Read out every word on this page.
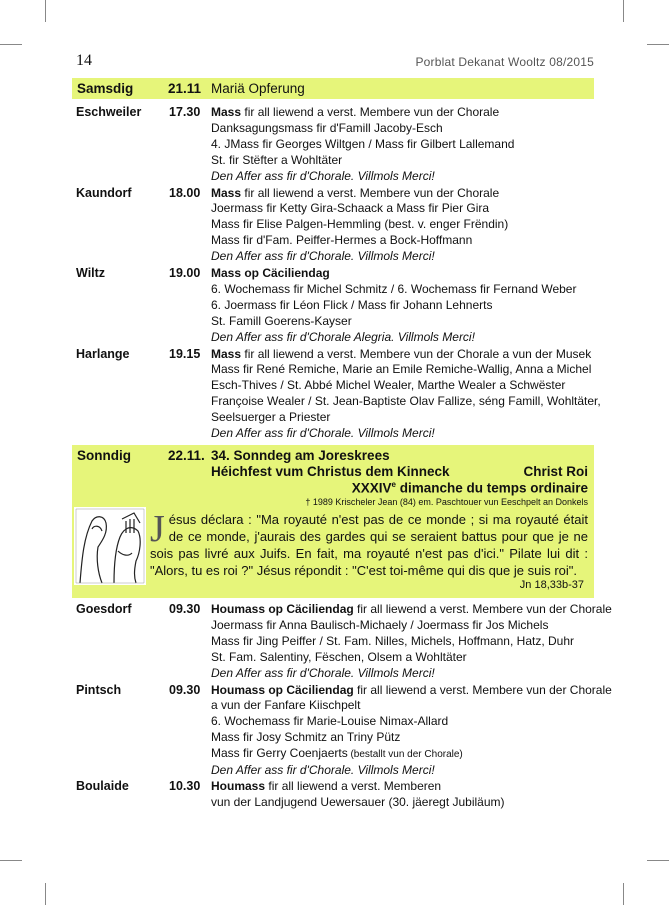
14	Porblat Dekanat Wooltz 08/2015
Samsdig	21.11 Mariä Opferung
Eschweiler 17.30 Mass fir all liewend a verst. Membere vun der Chorale
Danksagungsmass fir d'Famill Jacoby-Esch
4. JMass fir Georges Wiltgen / Mass fir Gilbert Lallemand
St. fir Stëfter a Wohltäter
Den Affer ass fir d'Chorale. Villmols Merci!
Kaundorf	18.00 Mass fir all liewend a verst. Membere vun der Chorale
Joermass fir Ketty Gira-Schaack a Mass fir Pier Gira
Mass fir Elise Palgen-Hemmling (best. v. enger Frëndin)
Mass fir d'Fam. Peiffer-Hermes a Bock-Hoffmann
Den Affer ass fir d'Chorale. Villmols Merci!
Wiltz	19.00 Mass op Cäciliendag
6. Wochemass fir Michel Schmitz / 6. Wochemass fir Fernand Weber
6. Joermass fir Léon Flick / Mass fir Johann Lehnerts
St. Famill Goerens-Kayser
Den Affer ass fir d'Chorale Alegria. Villmols Merci!
Harlange	19.15 Mass fir all liewend a verst. Membere vun der Chorale a vun der Musek
Mass fir René Remiche, Marie an Emile Remiche-Wallig, Anna a Michel
Esch-Thives / St. Abbé Michel Wealer, Marthe Wealer a Schwëster
Françoise Wealer / St. Jean-Baptiste Olav Fallize, séng Famill, Wohltäter,
Seelsuerger a Priester
Den Affer ass fir d'Chorale. Villmols Merci!
Sonndig	22.11. 34. Sonndeg am Joreskrees
Héichfest vum Christus dem Kinneck	Christ Roi
XXXIVe dimanche du temps ordinaire
† 1989 Krischeler Jean (84) em. Paschtouer vun Eeschpelt an Donkels
Jésus déclara : "Ma royauté n'est pas de ce monde ; si ma royauté était de ce monde, j'aurais des gardes qui se seraient battus pour que je ne sois pas livré aux Juifs. En fait, ma royauté n'est pas d'ici." Pilate lui dit : "Alors, tu es roi ?" Jésus répondit : "C'est toi-même qui dis que je suis roi".
Jn 18,33b-37
Goesdorf	09.30 Houmass op Cäciliendag fir all liewend a verst. Membere vun der Chorale
Joermass fir Anna Baulisch-Michaely / Joermass fir Jos Michels
Mass fir Jing Peiffer / St. Fam. Nilles, Michels, Hoffmann, Hatz, Duhr
St. Fam. Salentiny, Fëschen, Olsem a Wohltäter
Den Affer ass fir d'Chorale. Villmols Merci!
Pintsch	09.30 Houmass op Cäciliendag fir all liewend a verst. Membere vun der Chorale
a vun der Fanfare Kiischpelt
6. Wochemass fir Marie-Louise Nimax-Allard
Mass fir Josy Schmitz an Triny Pütz
Mass fir Gerry Coenjaerts (bestallt vun der Chorale)
Den Affer ass fir d'Chorale. Villmols Merci!
Boulaide	10.30 Houmass fir all liewend a verst. Memberen
vun der Landjugend Uewersauer (30. jäeregt Jubiläum)
